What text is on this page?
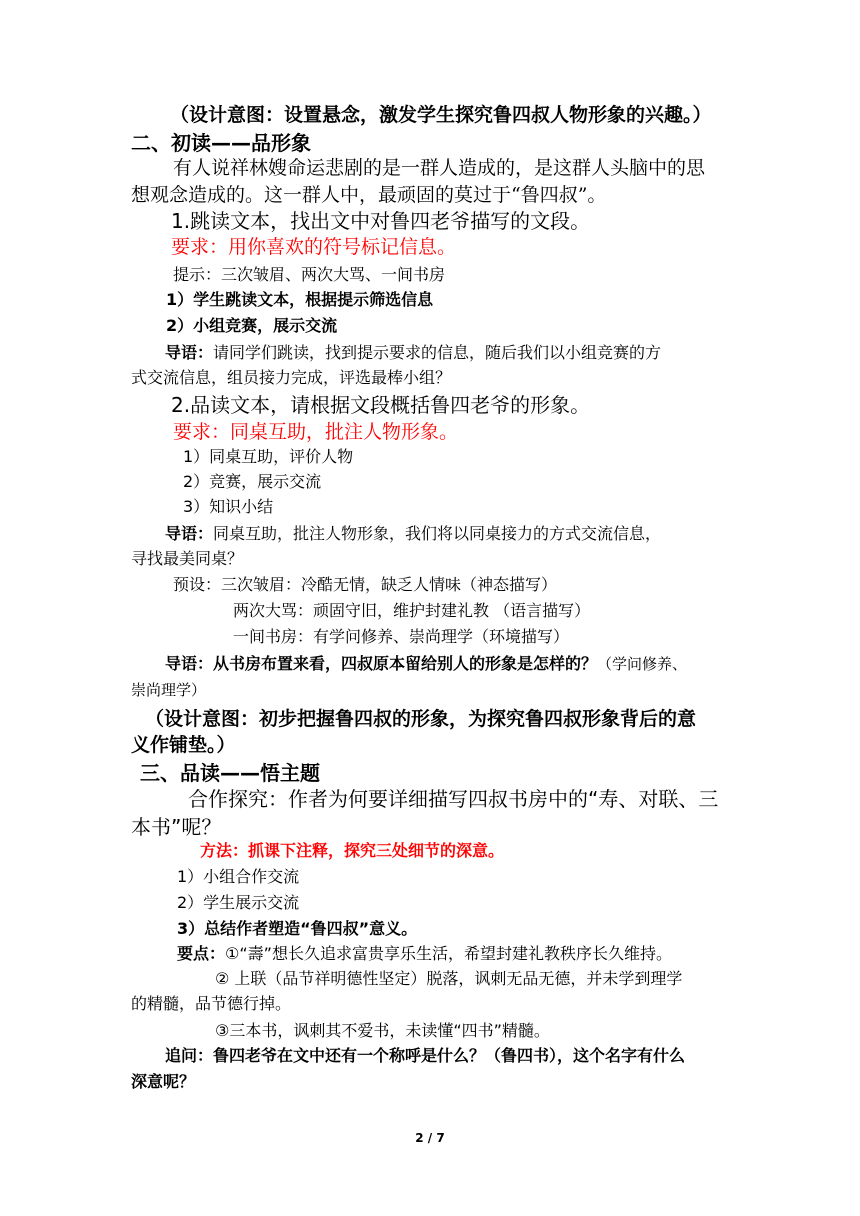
（设计意图：设置悬念，激发学生探究鲁四叔人物形象的兴趣。）
二、初读——品形象
有人说祥林嫂命运悲剧的是一群人造成的，是这群人头脑中的思
想观念造成的。这一群人中，最顽固的莫过于“鲁四叔”。
1.跳读文本，找出文中对鲁四老爷描写的文段。
要求：用你喜欢的符号标记信息。
提示：三次皱眉、两次大骂、一间书房
1）学生跳读文本，根据提示筛选信息
2）小组竞赛，展示交流
导语：请同学们跳读，找到提示要求的信息，随后我们以小组竞赛的方
式交流信息，组员接力完成，评选最棒小组？
2.品读文本，请根据文段概括鲁四老爷的形象。
要求：同桌互助，批注人物形象。
1）同桌互助，评价人物
2）竞赛，展示交流
3）知识小结
导语：同桌互助，批注人物形象，我们将以同桌接力的方式交流信息，
寻找最美同桌？
预设：三次皱眉：冷酷无情，缺乏人情味（神态描写）
两次大骂：顽固守旧，维护封建礼教 （语言描写）
一间书房：有学问修养、崇尚理学（环境描写）
导语：从书房布置来看，四叔原本留给别人的形象是怎样的？（学问修养、
崇尚理学）
（设计意图：初步把握鲁四叔的形象，为探究鲁四叔形象背后的意
义作铺垫。）
三、品读——悟主题
合作探究：作者为何要详细描写四叔书房中的“寿、对联、三
本书”呢？
方法：抓课下注释，探究三处细节的深意。
1）小组合作交流
2）学生展示交流
3）总结作者塑造“鲁四叔”意义。
要点：①“壽”想长久追求富贵享乐生活，希望封建礼教秩序长久维持。
② 上联（品节祥明德性坚定）脱落，讽刺无品无德，并未学到理学
的精髓，品节德行掉。
③三本书，讽刺其不爱书，未读懂“四书”精髓。
追问：鲁四老爷在文中还有一个称呼是什么？（鲁四书），这个名字有什么
深意呢？
2 / 7
